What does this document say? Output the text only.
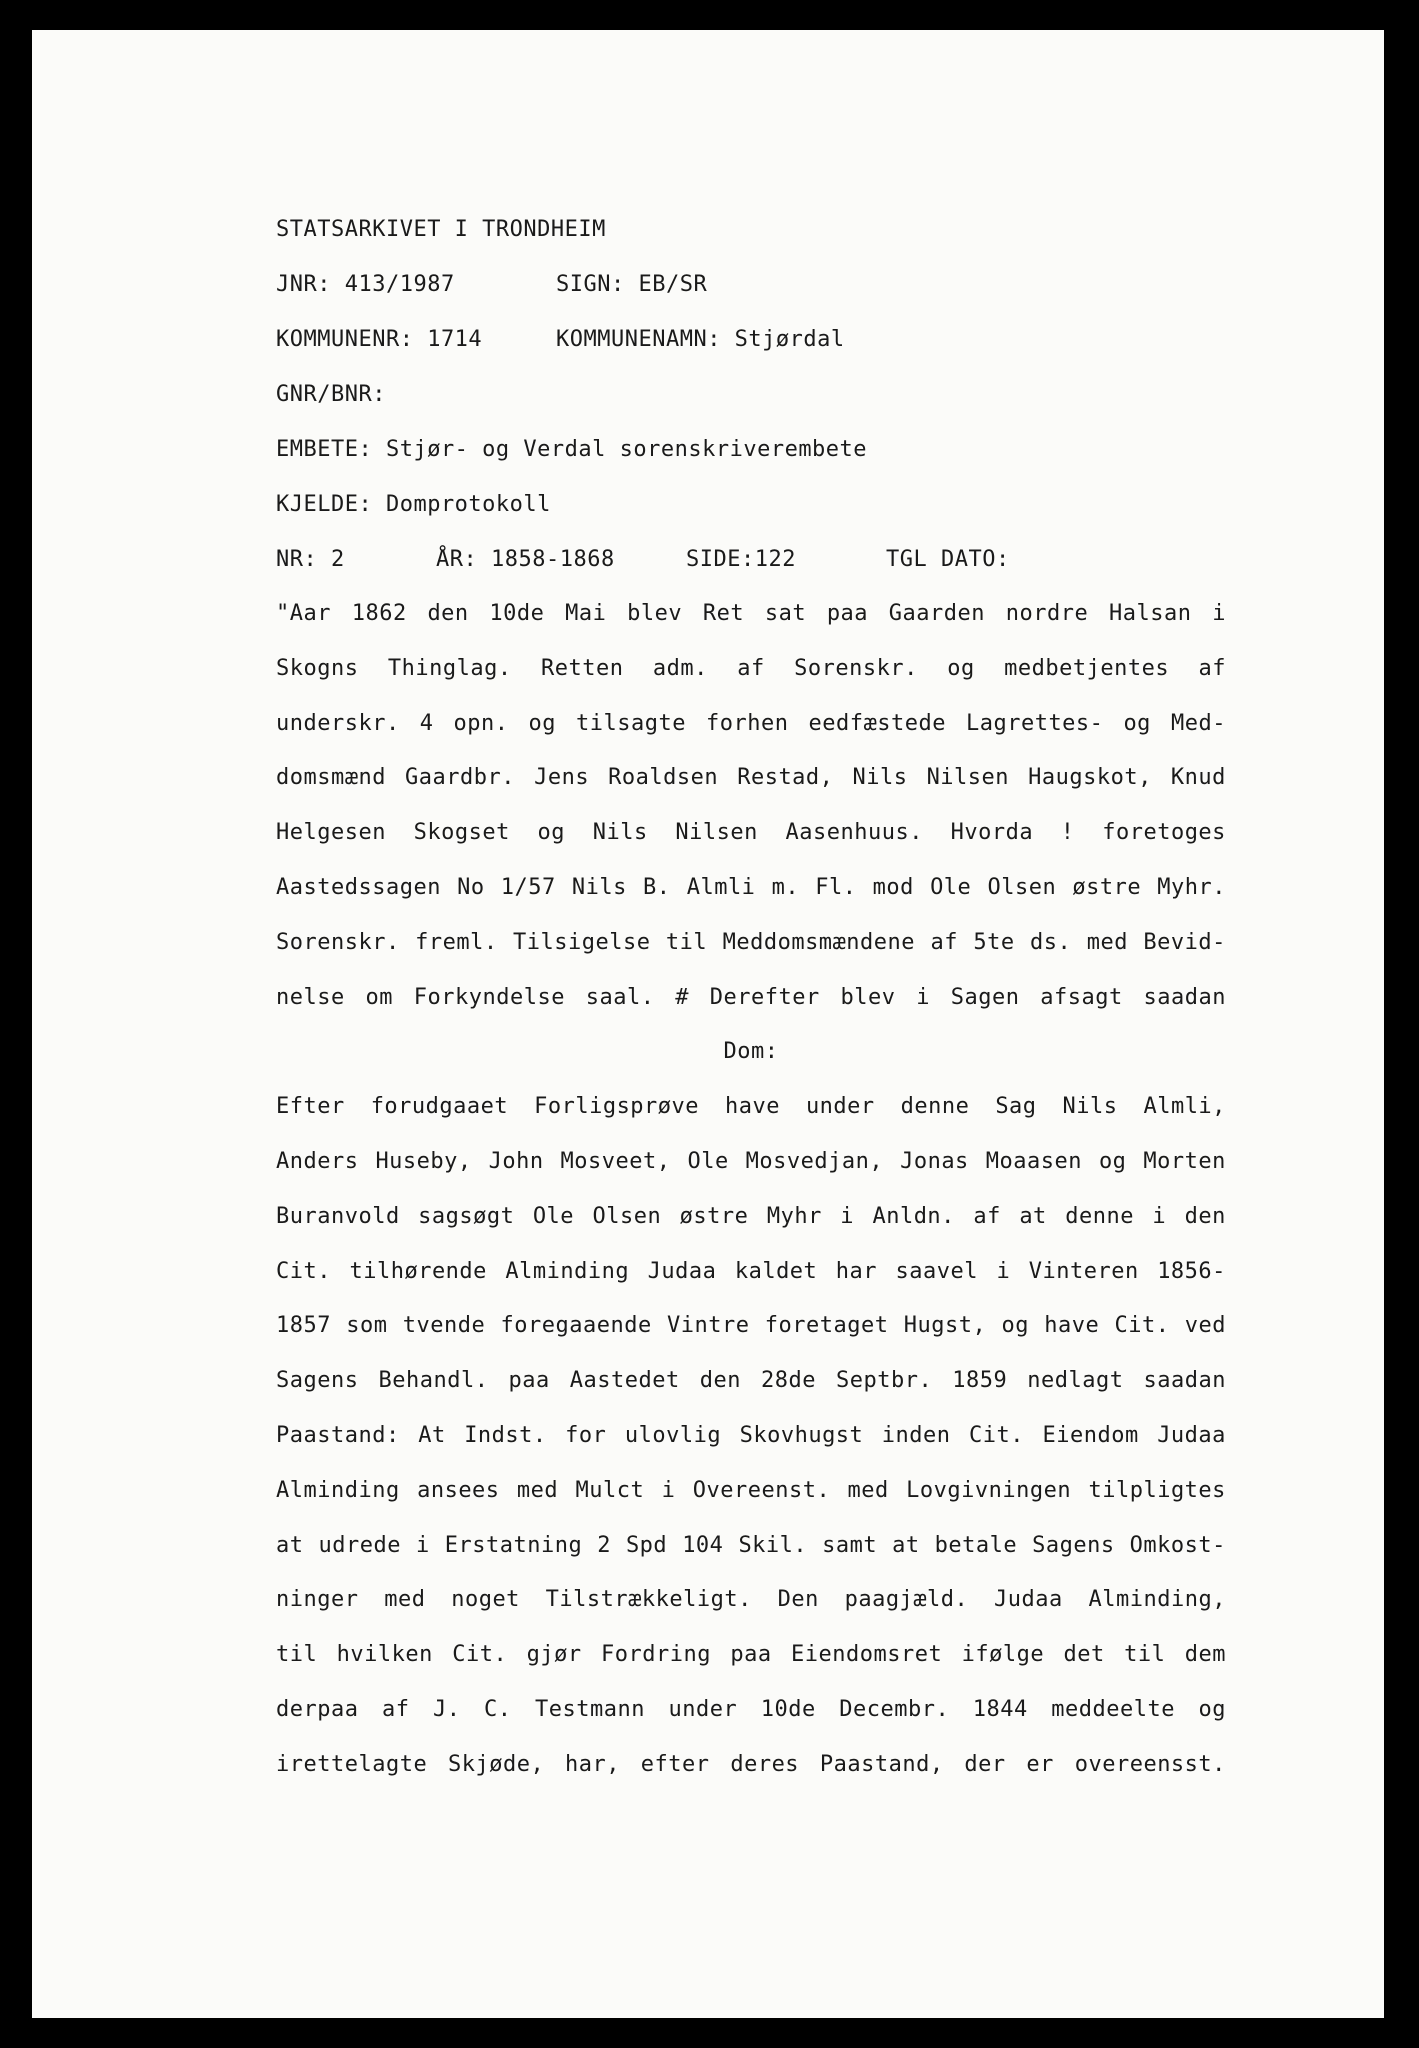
STATSARKIVET I TRONDHEIM
JNR: 413/1987	SIGN: EB/SR
KOMMUNENR: 1714	KOMMUNENAMN: Stjørdal
GNR/BNR:
EMBETE: Stjør- og Verdal sorenskriverembete
KJELDE: Domprotokoll
NR: 2	ÅR: 1858-1868	SIDE:122	TGL DATO:
"Aar 1862 den 10de Mai blev Ret sat paa Gaarden nordre Halsan i
Skogns Thinglag. Retten adm. af Sorenskr. og medbetjentes af
underskr. 4 opn. og tilsagte forhen eedfæstede Lagrettes- og Med-
domsmænd Gaardbr. Jens Roaldsen Restad, Nils Nilsen Haugskot, Knud
Helgesen Skogset og Nils Nilsen Aasenhuus. Hvorda ! foretoges
Aastedssagen No 1/57 Nils B. Almli m. Fl. mod Ole Olsen østre Myhr.
Sorenskr. freml. Tilsigelse til Meddomsmændene af 5te ds. med Bevid-
nelse om Forkyndelse saal. # Derefter blev i Sagen afsagt saadan
Dom:
Efter forudgaaet Forligsprøve have under denne Sag Nils Almli,
Anders Huseby, John Mosveet, Ole Mosvedjan, Jonas Moaasen og Morten
Buranvold sagsøgt Ole Olsen østre Myhr i Anldn. af at denne i den
Cit. tilhørende Alminding Judaa kaldet har saavel i Vinteren 1856-
1857 som tvende foregaaende Vintre foretaget Hugst, og have Cit. ved
Sagens Behandl. paa Aastedet den 28de Septbr. 1859 nedlagt saadan
Paastand: At Indst. for ulovlig Skovhugst inden Cit. Eiendom Judaa
Alminding ansees med Mulct i Overeenst. med Lovgivningen tilpligtes
at udrede i Erstatning 2 Spd 104 Skil. samt at betale Sagens Omkost-
ninger med noget Tilstrækkeligt. Den paagjæld. Judaa Alminding,
til hvilken Cit. gjør Fordring paa Eiendomsret ifølge det til dem
derpaa af J. C. Testmann under 10de Decembr. 1844 meddeelte og
irettelagte Skjøde, har, efter deres Paastand, der er overeensst.
